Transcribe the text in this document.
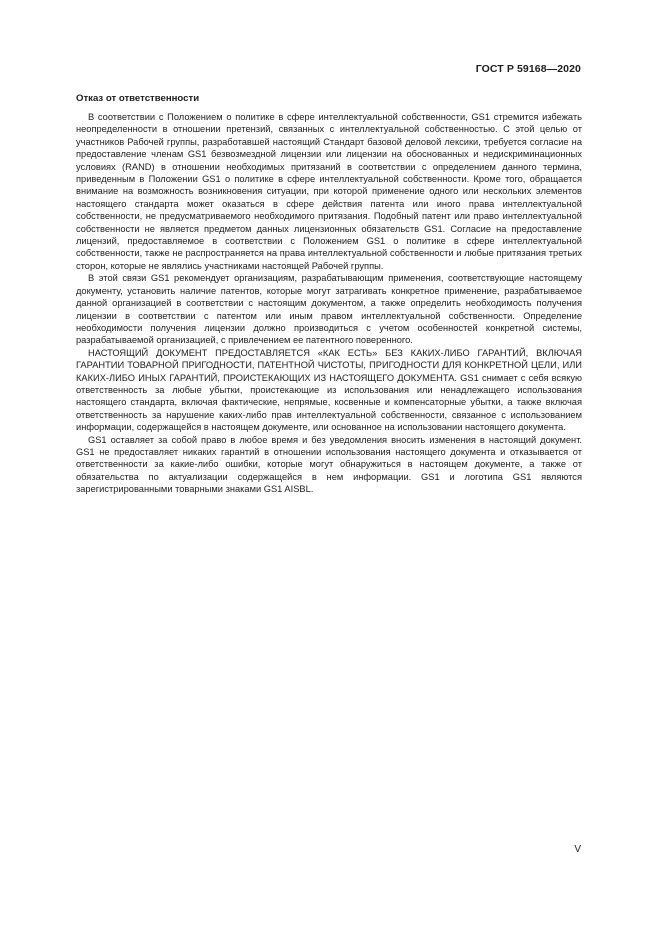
ГОСТ Р 59168—2020
Отказ от ответственности

В соответствии с Положением о политике в сфере интеллектуальной собственности, GS1 стремится избежать неопределенности в отношении претензий, связанных с интеллектуальной собственностью. С этой целью от участников Рабочей группы, разработавшей настоящий Стандарт базовой деловой лексики, требуется согласие на предоставление членам GS1 безвозмездной лицензии или лицензии на обоснованных и недискриминационных условиях (RAND) в отношении необходимых притязаний в соответствии с определением данного термина, приведенным в Положении GS1 о политике в сфере интеллектуальной собственности. Кроме того, обращается внимание на возможность возникновения ситуации, при которой применение одного или нескольких элементов настоящего стандарта может оказаться в сфере действия патента или иного права интеллектуальной собственности, не предусматриваемого необходимого притязания. Подобный патент или право интеллектуальной собственности не является предметом данных лицензионных обязательств GS1. Согласие на предоставление лицензий, предоставляемое в соответствии с Положением GS1 о политике в сфере интеллектуальной собственности, также не распространяется на права интеллектуальной собственности и любые притязания третьих сторон, которые не являлись участниками настоящей Рабочей группы.

В этой связи GS1 рекомендует организациям, разрабатывающим применения, соответствующие настоящему документу, установить наличие патентов, которые могут затрагивать конкретное применение, разрабатываемое данной организацией в соответствии с настоящим документом, а также определить необходимость получения лицензии в соответствии с патентом или иным правом интеллектуальной собственности. Определение необходимости получения лицензии должно производиться с учетом особенностей конкретной системы, разрабатываемой организацией, с привлечением ее патентного поверенного.

НАСТОЯЩИЙ ДОКУМЕНТ ПРЕДОСТАВЛЯЕТСЯ «КАК ЕСТЬ» БЕЗ КАКИХ-ЛИБО ГАРАНТИЙ, ВКЛЮЧАЯ ГАРАНТИИ ТОВАРНОЙ ПРИГОДНОСТИ, ПАТЕНТНОЙ ЧИСТОТЫ, ПРИГОДНОСТИ ДЛЯ КОНКРЕТНОЙ ЦЕЛИ, ИЛИ КАКИХ-ЛИБО ИНЫХ ГАРАНТИЙ, ПРОИСТЕКАЮЩИХ ИЗ НАСТОЯЩЕГО ДОКУМЕНТА. GS1 снимает с себя всякую ответственность за любые убытки, проистекающие из использования или ненадлежащего использования настоящего стандарта, включая фактические, непрямые, косвенные и компенсаторные убытки, а также включая ответственность за нарушение каких-либо прав интеллектуальной собственности, связанное с использованием информации, содержащейся в настоящем документе, или основанное на использовании настоящего документа.

GS1 оставляет за собой право в любое время и без уведомления вносить изменения в настоящий документ. GS1 не предоставляет никаких гарантий в отношении использования настоящего документа и отказывается от ответственности за какие-либо ошибки, которые могут обнаружиться в настоящем документе, а также от обязательства по актуализации содержащейся в нем информации. GS1 и логотипа GS1 являются зарегистрированными товарными знаками GS1 AISBL.

V
